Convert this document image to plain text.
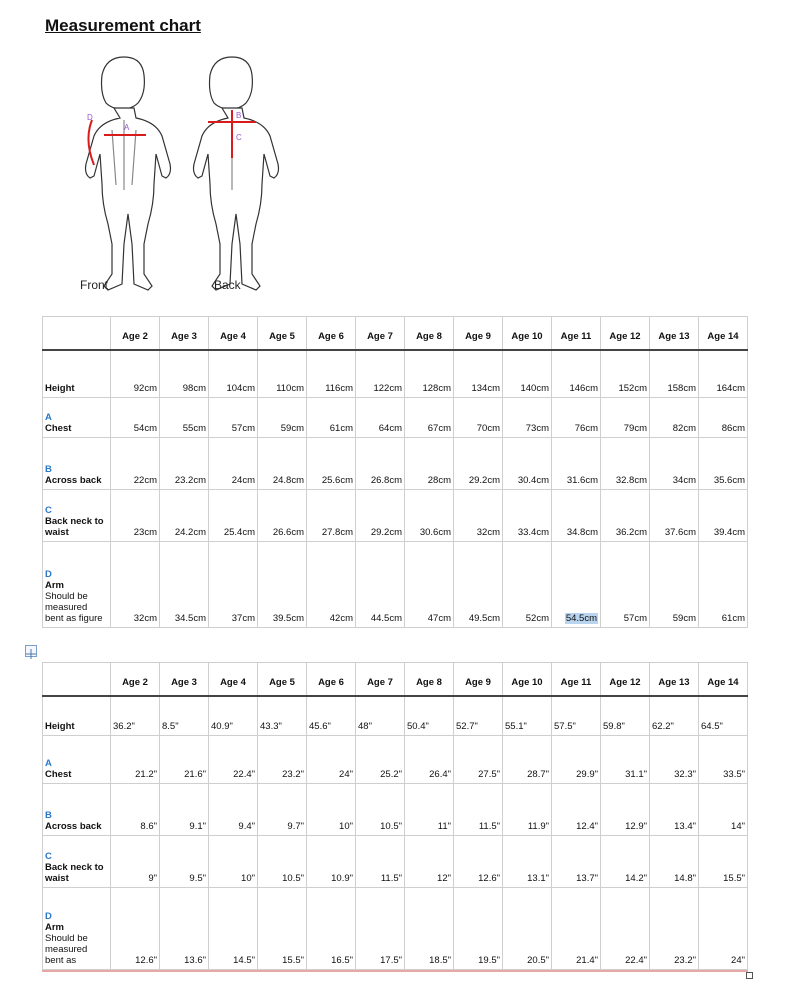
Measurement chart
D
A
B
C
Front	Back
	Age 2	Age 3	Age 4	Age 5	Age 6	Age 7	Age 8	Age 9	Age 10	Age 11	Age 12	Age 13	Age 14

Height	92cm	98cm	104cm	110cm	116cm	122cm	128cm	134cm	140cm	146cm	152cm	158cm	164cm

A
Chest	54cm	55cm	57cm	59cm	61cm	64cm	67cm	70cm	73cm	76cm	79cm	82cm	86cm

B
Across back	22cm	23.2cm	24cm	24.8cm	25.6cm	26.8cm	28cm	29.2cm	30.4cm	31.6cm	32.8cm	34cm	35.6cm

C
Back neck to waist	23cm	24.2cm	25.4cm	26.6cm	27.8cm	29.2cm	30.6cm	32cm	33.4cm	34.8cm	36.2cm	37.6cm	39.4cm

D
Arm
Should be measured bent as figure	32cm	34.5cm	37cm	39.5cm	42cm	44.5cm	47cm	49.5cm	52cm	54.5cm	57cm	59cm	61cm
	Age 2	Age 3	Age 4	Age 5	Age 6	Age 7	Age 8	Age 9	Age 10	Age 11	Age 12	Age 13	Age 14

Height	36.2"	8.5"	40.9"	43.3"	45.6"	48"	50.4"	52.7"	55.1"	57.5"	59.8"	62.2"	64.5"

A
Chest	21.2"	21.6"	22.4"	23.2"	24"	25.2"	26.4"	27.5"	28.7"	29.9"	31.1"	32.3"	33.5"

B
Across back	8.6"	9.1"	9.4"	9.7"	10"	10.5"	11"	11.5"	11.9"	12.4"	12.9"	13.4"	14"

C
Back neck to waist	9"	9.5"	10"	10.5"	10.9"	11.5"	12"	12.6"	13.1"	13.7"	14.2"	14.8"	15.5"

D
Arm
Should be measured bent as	12.6"	13.6"	14.5"	15.5"	16.5"	17.5"	18.5"	19.5"	20.5"	21.4"	22.4"	23.2"	24"
